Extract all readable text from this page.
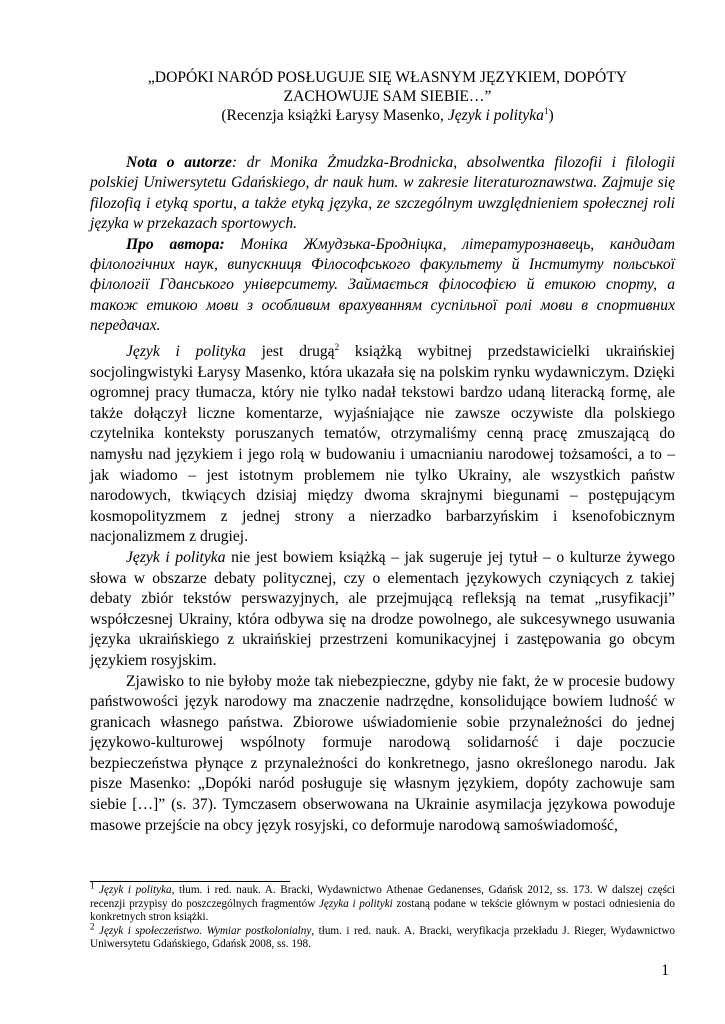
„DOPÓKI NARÓD POSŁUGUJE SIĘ WŁASNYM JĘZYKIEM, DOPÓTY
ZACHOWUJE SAM SIEBIE…”
(Recenzja książki Łarysy Masenko, Język i polityka$^1$)

Nota o autorze: dr Monika Żmudzka-Brodnicka, absolwentka filozofii i filologii polskiej Uniwersytetu Gdańskiego, dr nauk hum. w zakresie literaturoznawstwa. Zajmuje się filozofią i etyką sportu, a także etyką języka, ze szczególnym uwzględnieniem społecznej roli języka w przekazach sportowych.

Про автора: Моніка Жмудзька-Бродніцка, літературознавець, кандидат філологічних наук, випускниця Філософського факультету й Інституту польської філології Гданського університету. Займається філософією й етикою спорту, а також етикою мови з особливим врахуванням суспільної ролі мови в спортивних передачах.

Język i polityka jest drugą$^2$ książką wybitnej przedstawicielki ukraińskiej socjolingwistyki Łarysy Masenko, która ukazała się na polskim rynku wydawniczym. Dzięki ogromnej pracy tłumacza, który nie tylko nadał tekstowi bardzo udaną literacką formę, ale także dołączył liczne komentarze, wyjaśniające nie zawsze oczywiste dla polskiego czytelnika konteksty poruszanych tematów, otrzymaliśmy cenną pracę zmuszającą do namysłu nad językiem i jego rolą w budowaniu i umacnianiu narodowej tożsamości, a to – jak wiadomo – jest istotnym problemem nie tylko Ukrainy, ale wszystkich państw narodowych, tkwiących dzisiaj między dwoma skrajnymi biegunami – postępującym kosmopolityzmem z jednej strony a nierzadko barbarzyńskim i ksenofobicznym nacjonalizmem z drugiej.

Język i polityka nie jest bowiem książką – jak sugeruje jej tytuł – o kulturze żywego słowa w obszarze debaty politycznej, czy o elementach językowych czyniących z takiej debaty zbiór tekstów perswazyjnych, ale przejmującą refleksją na temat „rusyfikacji” współczesnej Ukrainy, która odbywa się na drodze powolnego, ale sukcesywnego usuwania języka ukraińskiego z ukraińskiej przestrzeni komunikacyjnej i zastępowania go obcym językiem rosyjskim.

Zjawisko to nie byłoby może tak niebezpieczne, gdyby nie fakt, że w procesie budowy państwowości język narodowy ma znaczenie nadrzędne, konsolidujące bowiem ludność w granicach własnego państwa. Zbiorowe uświadomienie sobie przynależności do jednej językowo-kulturowej wspólnoty formuje narodową solidarność i daje poczucie bezpieczeństwa płynące z przynależności do konkretnego, jasno określonego narodu. Jak pisze Masenko: „Dopóki naród posługuje się własnym językiem, dopóty zachowuje sam siebie […]” (s. 37). Tymczasem obserwowana na Ukrainie asymilacja językowa powoduje masowe przejście na obcy język rosyjski, co deformuje narodową samoświadomość,

$^1$ Język i polityka, tłum. i red. nauk. A. Bracki, Wydawnictwo Athenae Gedanenses, Gdańsk 2012, ss. 173. W dalszej części recenzji przypisy do poszczególnych fragmentów Języka i polityki zostaną podane w tekście głównym w postaci odniesienia do konkretnych stron książki.

$^2$ Język i społeczeństwo. Wymiar postkolonialny, tłum. i red. nauk. A. Bracki, weryfikacja przekładu J. Rieger, Wydawnictwo Uniwersytetu Gdańskiego, Gdańsk 2008, ss. 198.

1
